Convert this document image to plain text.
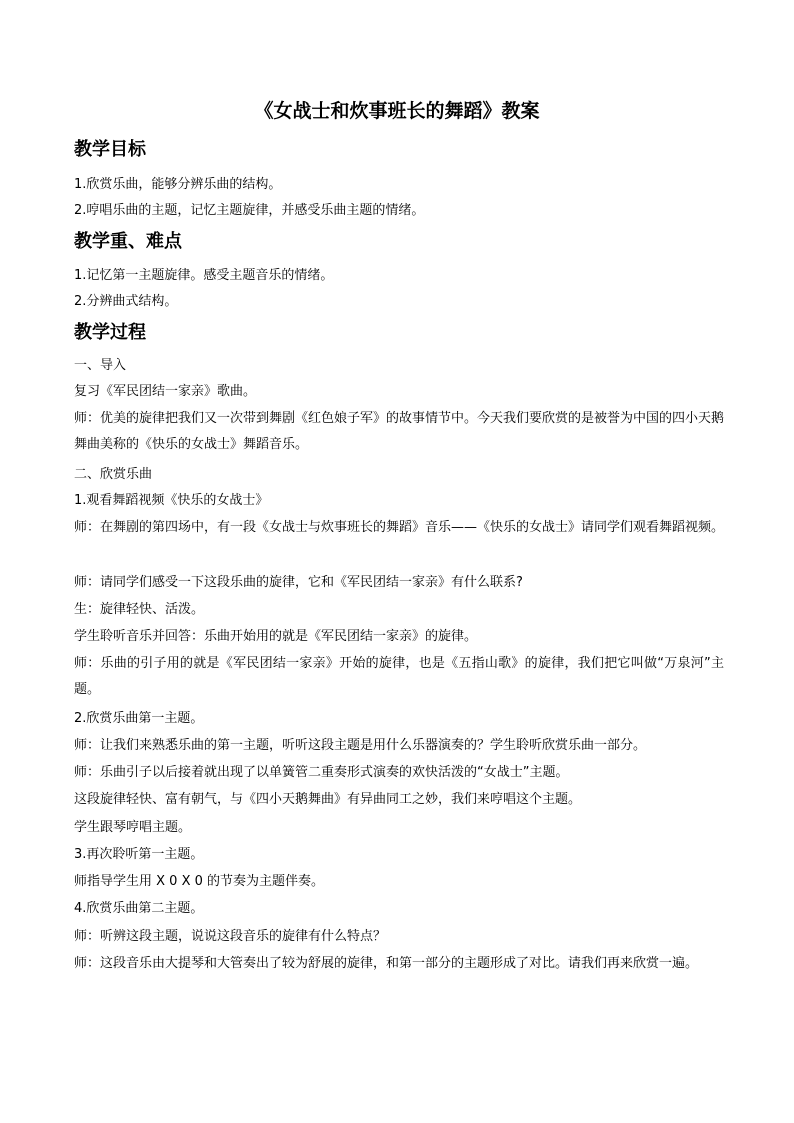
《女战士和炊事班长的舞蹈》教案
教学目标
1.欣赏乐曲，能够分辨乐曲的结构。
2.哼唱乐曲的主题，记忆主题旋律，并感受乐曲主题的情绪。
教学重、难点
1.记忆第一主题旋律。感受主题音乐的情绪。
2.分辨曲式结构。
教学过程
一、导入
复习《军民团结一家亲》歌曲。
师：优美的旋律把我们又一次带到舞剧《红色娘子军》的故事情节中。今天我们要欣赏的是被誉为中国的四小天鹅舞曲美称的《快乐的女战士》舞蹈音乐。
二、欣赏乐曲
1.观看舞蹈视频《快乐的女战士》
师：在舞剧的第四场中，有一段《女战士与炊事班长的舞蹈》音乐——《快乐的女战士》请同学们观看舞蹈视频。
师：请同学们感受一下这段乐曲的旋律，它和《军民团结一家亲》有什么联系?
生：旋律轻快、活泼。
学生聆听音乐并回答：乐曲开始用的就是《军民团结一家亲》的旋律。
师：乐曲的引子用的就是《军民团结一家亲》开始的旋律，也是《五指山歌》的旋律，我们把它叫做“万泉河”主题。
2.欣赏乐曲第一主题。
师：让我们来熟悉乐曲的第一主题，听听这段主题是用什么乐器演奏的？学生聆听欣赏乐曲一部分。
师：乐曲引子以后接着就出现了以单簧管二重奏形式演奏的欢快活泼的“女战士”主题。
这段旋律轻快、富有朝气，与《四小天鹅舞曲》有异曲同工之妙，我们来哼唱这个主题。
学生跟琴哼唱主题。
3.再次聆听第一主题。
师指导学生用 X 0 X 0 的节奏为主题伴奏。
4.欣赏乐曲第二主题。
师：听辨这段主题，说说这段音乐的旋律有什么特点？
师：这段音乐由大提琴和大管奏出了较为舒展的旋律，和第一部分的主题形成了对比。请我们再来欣赏一遍。
